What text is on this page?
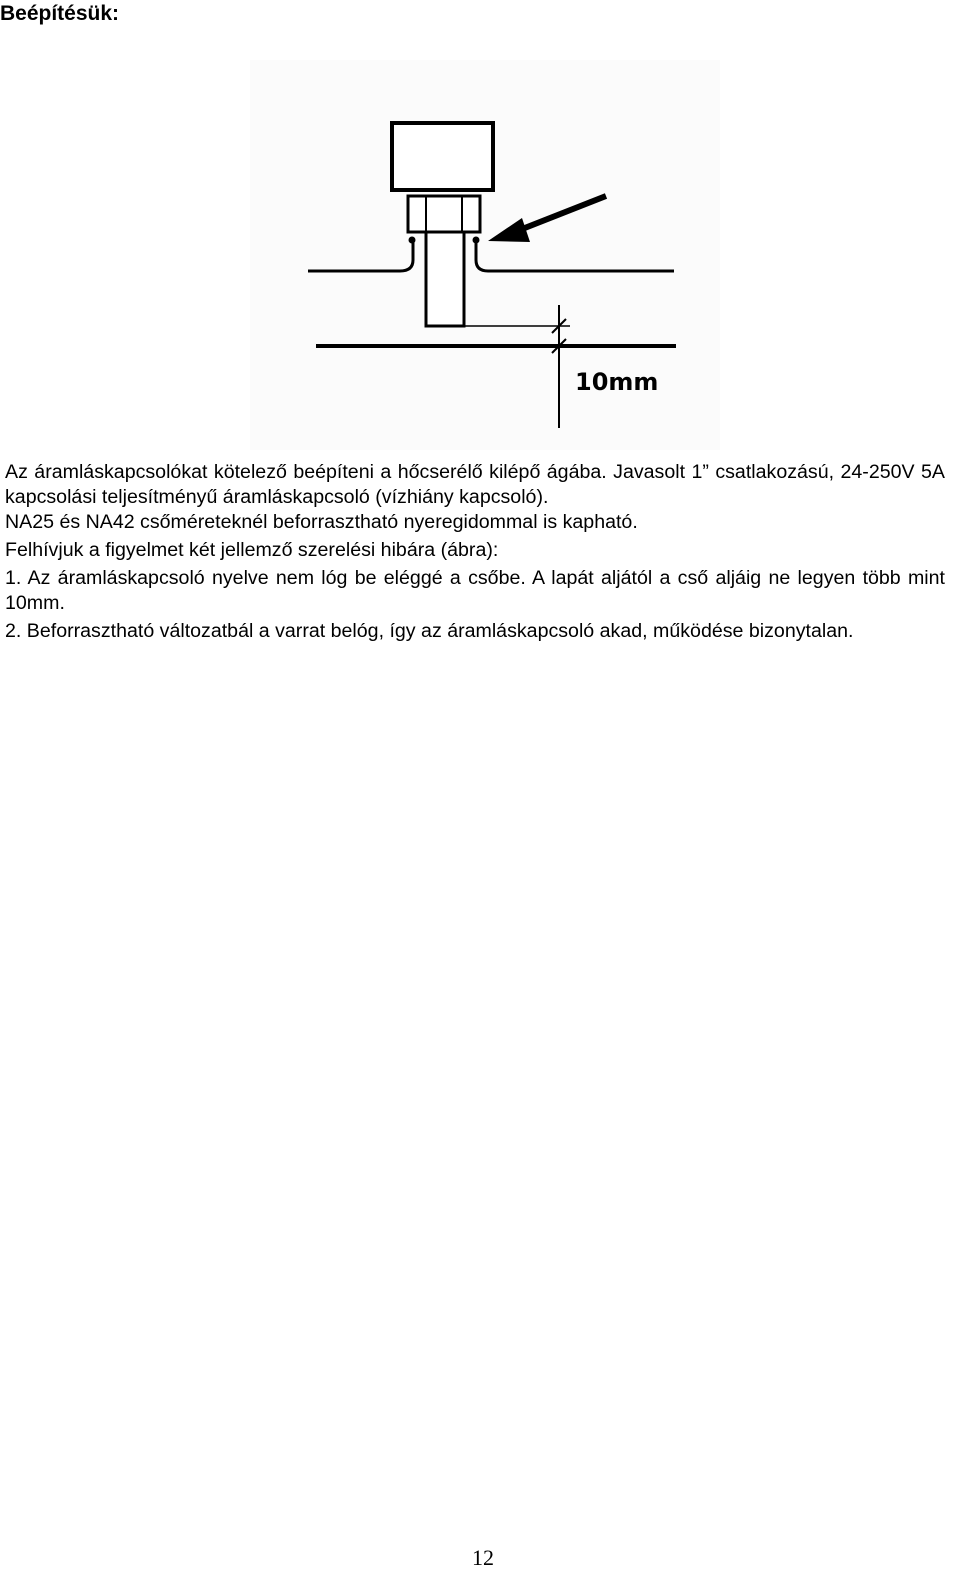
Beépítésük:
10mm

Az áramláskapcsolókat kötelező beépíteni a hőcserélő kilépő ágába. Javasolt 1” csatlakozású, 24-250V 5A kapcsolási teljesítményű áramláskapcsoló (vízhiány kapcsoló).

NA25 és NA42 csőméreteknél beforrasztható nyeregidommal is kapható.

Felhívjuk a figyelmet két jellemző szerelési hibára (ábra):

1. Az áramláskapcsoló nyelve nem lóg be eléggé a csőbe. A lapát aljától a cső aljáig ne legyen több mint 10mm.

2. Beforrasztható változatbál a varrat belóg, így az áramláskapcsoló akad, működése bizonytalan.

12
